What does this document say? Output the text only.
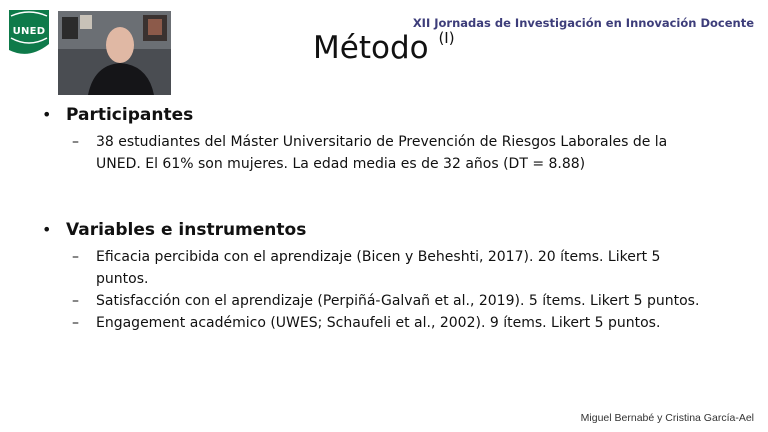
UNED
XII Jornadas de Investigación en Innovación Docente
Método $^{(I)}$
• Participantes
–	38 estudiantes del Máster Universitario de Prevención de Riesgos Laborales de la UNED. El 61% son mujeres. La edad media es de 32 años (DT = 8.88)
• Variables e instrumentos
–	Eficacia percibida con el aprendizaje (Bicen y Beheshti, 2017). 20 ítems. Likert 5 puntos.
–	Satisfacción con el aprendizaje (Perpiñá-Galvañ et al., 2019). 5 ítems. Likert 5 puntos.
–	Engagement académico (UWES; Schaufeli et al., 2002). 9 ítems. Likert 5 puntos.
Miguel Bernabé y Cristina García-Ael
